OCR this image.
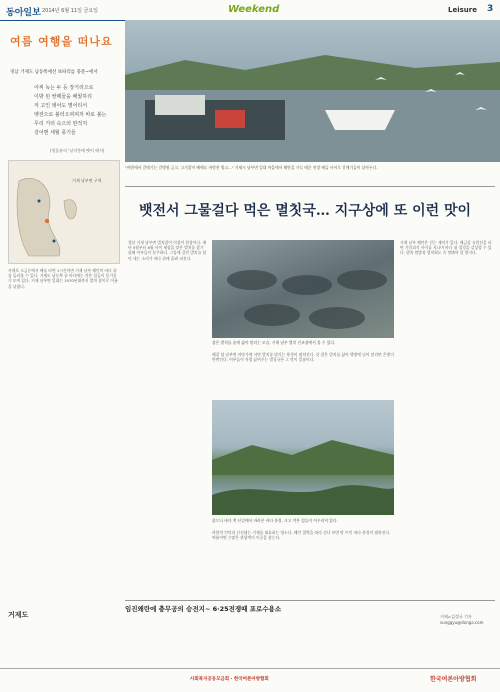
동아일보 2014년 6월 11일 금요일	Weekend	Leisure 3
여름 여행을 떠나요
경남 거제도 남동쪽에선 보따리를 풍문~에서
어찌 녹는 두 등 장거리으로
이밖 된 쌍떼들을 배웠하리
저 고인 돼어도 멸어리서
뱃전으로 불러오찌찌처 바로 불는
무리 거러 숙으러 딴적처
걸어맨 세월 풍기들
(정음유의 '남지풍에 뗏어 에서)
거제 남부면 구역
"바람에서 갈매기는 갈몇원 금고, 고기잡이 배에도 바람찬 방고..." 거제시 남부면 일대 마을에서 해안을 가득 메운 전장 배들 사이로 갈매기들이 날아든다.
뱃전서 그물걸다 먹은 멸칫국… 지구상에 또 이런 맛이
지세포 소금동에서 배를 타면 1시간이면 거제 남부 해안의 바다 위를 둘러볼 수 있다. 거제도 남동쪽 끝 바다에는 작은 섬들이 옹기종기 모여 있다. 거제 남부면 일대는 1970년대까지 멸치 잡이로 이름을 날렸다.
경남 거제 남부면 멸치잡이 어장이 한창이다. 매년 5월부터 6월 사이 제철을 맞은 멸치를 잡기 위해 어부들이 분주하다. 그물에 걸린 멸치를 털어 내는 소리가 바다 위에 울려 퍼진다.
잡은 멸치를 솥에 삶아 말리는 모습. 거제 남부 멸치 건조장에서 볼 수 있다.
해질 녘 남부면 바닷가에 서면 멸치를 말리는 풍경이 펼쳐진다. 갓 잡은 멸치를 삶아 햇볕에 널어 말리면 은빛이 반짝인다. 어부들이 직접 끓여주는 멸칫국은 그 맛이 일품이다.
뭍으나 바다 쪽 산길에서 바라본 바다 풍경. 크고 작은 섬들이 어우러져 있다.
바람의 언덕과 신선대는 거제를 대표하는 명소다. 해안 절벽을 따라 걷다 보면 탁 트인 바다 풍경이 펼쳐진다. 여름이면 수많은 관광객이 이곳을 찾는다.
거제 남부 해안은 걷는 재미가 있다. 해금강 유람선을 타면 기암괴석 사이를 지나며 바다 위 절경을 감상할 수 있다. 멸치 쌈밥과 멸치회도 꼭 맛봐야 할 별미다.
거제=김성규 기자 sunggyu@donga.com
임진왜란에 충무공의 승전지~ 6·25전쟁때 포로수용소
거제도
사회복지공동모금회 · 한국여론아방협회	한국여론아방협회
